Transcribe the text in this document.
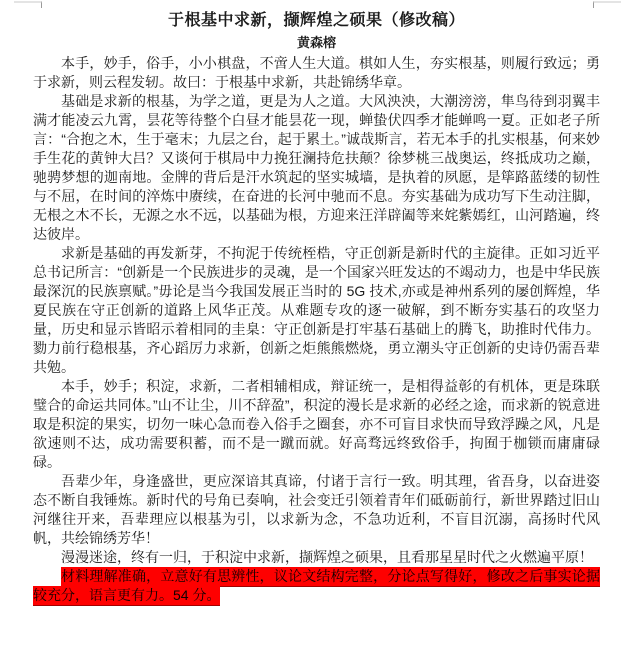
于根基中求新，撷辉煌之硕果（修改稿）
黄森榕

本手，妙手，俗手，小小棋盘，不啻人生大道。棋如人生，夯实根基，则履行致远；勇于求新，则云程发轫。故曰：于根基中求新，共赴锦绣华章。

基础是求新的根基，为学之道，更是为人之道。大风泱泱，大潮滂滂，隼鸟待到羽翼丰满才能凌云九霄，昙花等待整个白昼才能昙花一现，蝉蛰伏四季才能蝉鸣一夏。正如老子所言：“合抱之木，生于毫末；九层之台，起于累土。”诚哉斯言，若无本手的扎实根基，何来妙手生花的黄钟大吕？又谈何于棋局中力挽狂澜持危扶颠？徐梦桃三战奥运，终抵成功之巅，驰骋梦想的迦南地。金牌的背后是汗水筑起的坚实城墙，是执着的夙愿，是筚路蓝缕的韧性与不屈，在时间的淬炼中赓续，在奋进的长河中驰而不息。夯实基础为成功写下生动注脚，无根之木不长，无源之水不远，以基础为根，方迎来汪洋辟阖等来姹紫嫣红，山河踏遍，终达彼岸。

求新是基础的再发新芽，不拘泥于传统桎梏，守正创新是新时代的主旋律。正如习近平总书记所言：“创新是一个民族进步的灵魂，是一个国家兴旺发达的不竭动力，也是中华民族最深沉的民族禀赋。”毋论是当今我国发展正当时的 5G 技术,亦或是神州系列的屡创辉煌，华夏民族在守正创新的道路上风华正茂。从难题专攻的逐一破解，到不断夯实基石的攻坚力量，历史和显示皆昭示着相同的圭臬：守正创新是打牢基石基础上的腾飞，助推时代伟力。勠力前行稳根基，齐心蹈厉力求新，创新之炬熊熊燃烧，勇立潮头守正创新的史诗仍需吾辈共勉。

本手，妙手；积淀，求新，二者相辅相成，辩证统一，是相得益彰的有机体，更是珠联璧合的命运共同体。”山不让尘，川不辞盈”，积淀的漫长是求新的必经之途，而求新的锐意进取是积淀的果实，切勿一味心急而卷入俗手之圈套，亦不可盲目求快而导致浮躁之风，凡是欲速则不达，成功需要积蓄，而不是一蹴而就。好高骛远终致俗手，拘囿于枷锁而庸庸碌碌。

吾辈少年，身逢盛世，更应深谙其真谛，付诸于言行一致。明其理，省吾身，以奋进姿态不断自我锤炼。新时代的号角已奏响，社会变迁引领着青年们砥砺前行，新世界踏过旧山河继往开来，吾辈理应以根基为引，以求新为念，不急功近利，不盲目沉溺，高扬时代风帆，共绘锦绣芳华！

漫漫迷途，终有一归，于积淀中求新，撷辉煌之硕果，且看那星星时代之火燃遍平原！

材料理解准确，立意好有思辨性，议论文结构完整，分论点写得好，修改之后事实论据较充分，语言更有力。54 分。
